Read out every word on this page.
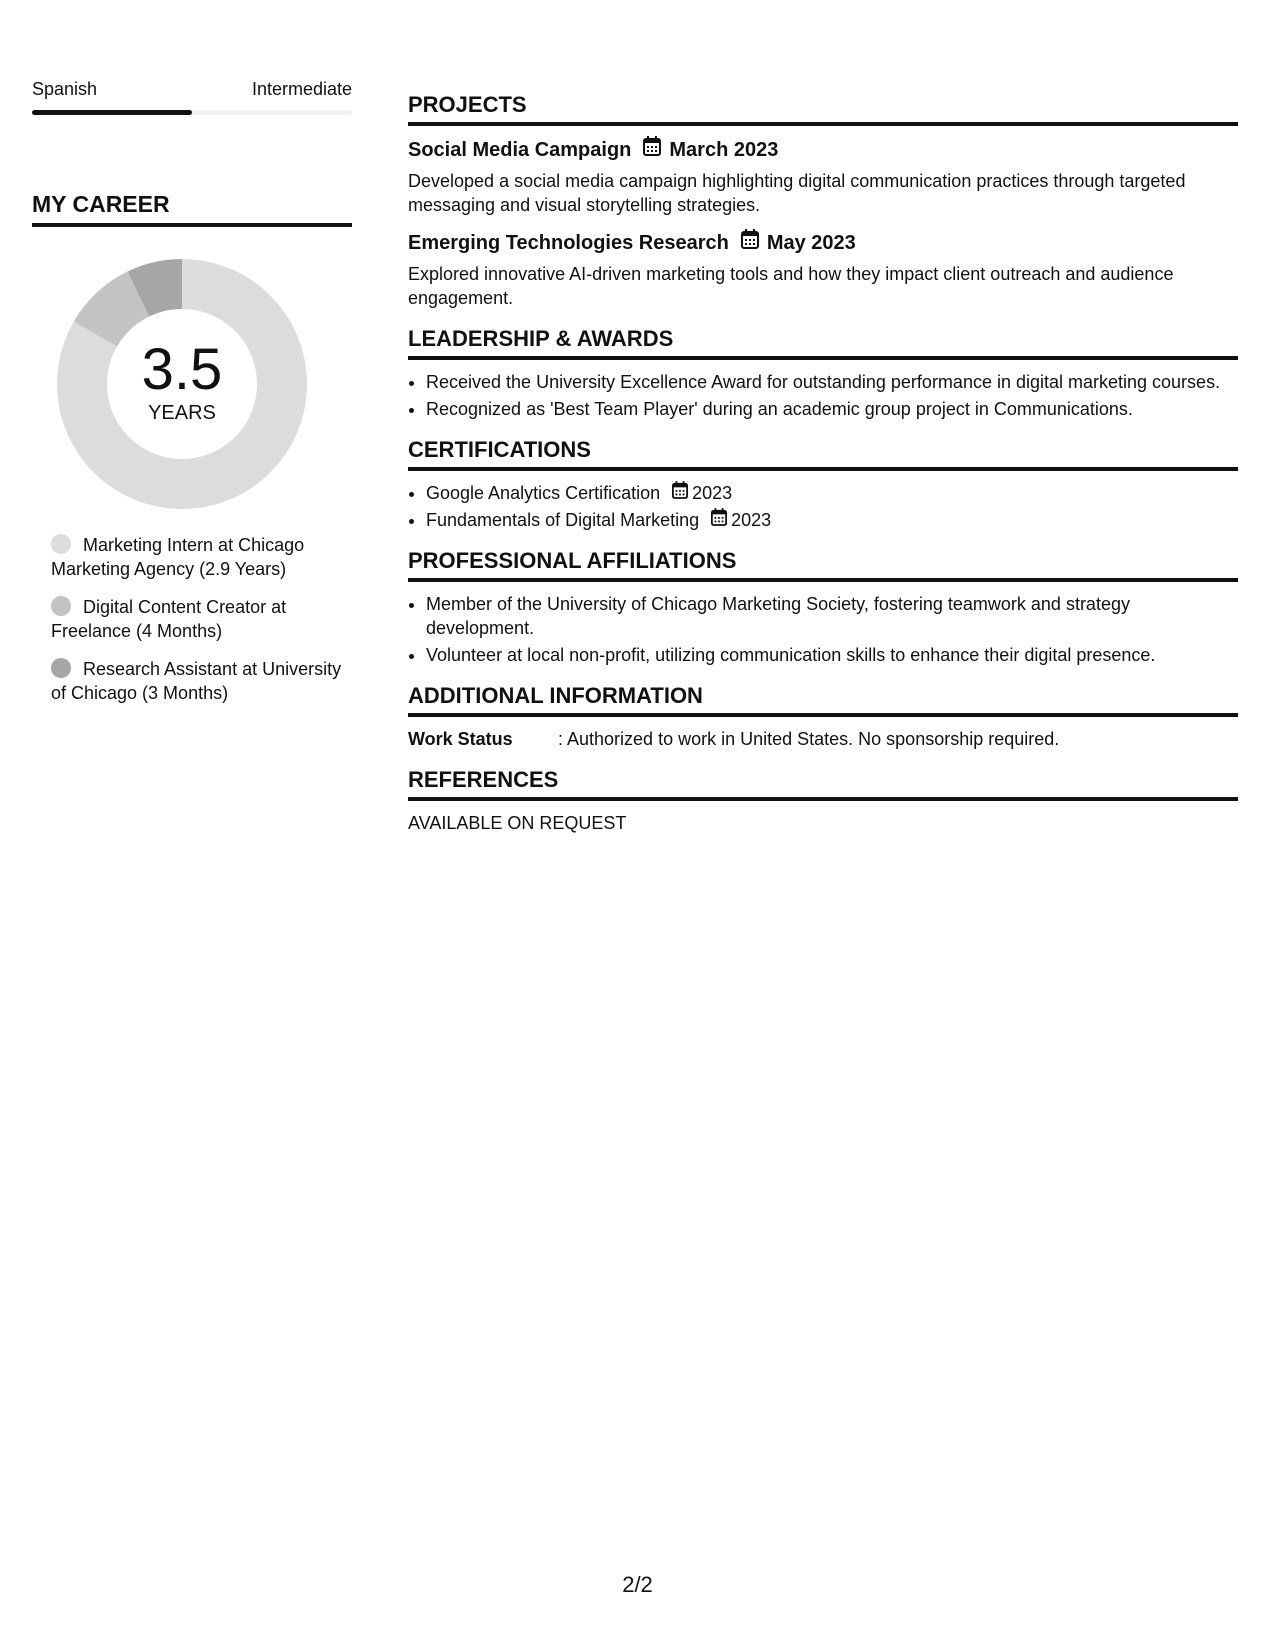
Spanish	Intermediate
MY CAREER
3.5
YEARS
Marketing Intern at Chicago Marketing Agency (2.9 Years)
Digital Content Creator at Freelance (4 Months)
Research Assistant at University of Chicago (3 Months)
PROJECTS
Social Media Campaign March 2023
Developed a social media campaign highlighting digital communication practices through targeted messaging and visual storytelling strategies.
Emerging Technologies Research May 2023
Explored innovative AI-driven marketing tools and how they impact client outreach and audience engagement.
LEADERSHIP & AWARDS
• Received the University Excellence Award for outstanding performance in digital marketing courses.
• Recognized as 'Best Team Player' during an academic group project in Communications.
CERTIFICATIONS
• Google Analytics Certification 2023
• Fundamentals of Digital Marketing 2023
PROFESSIONAL AFFILIATIONS
• Member of the University of Chicago Marketing Society, fostering teamwork and strategy development.
• Volunteer at local non-profit, utilizing communication skills to enhance their digital presence.
ADDITIONAL INFORMATION
Work Status	: Authorized to work in United States. No sponsorship required.
REFERENCES
AVAILABLE ON REQUEST
2/2
